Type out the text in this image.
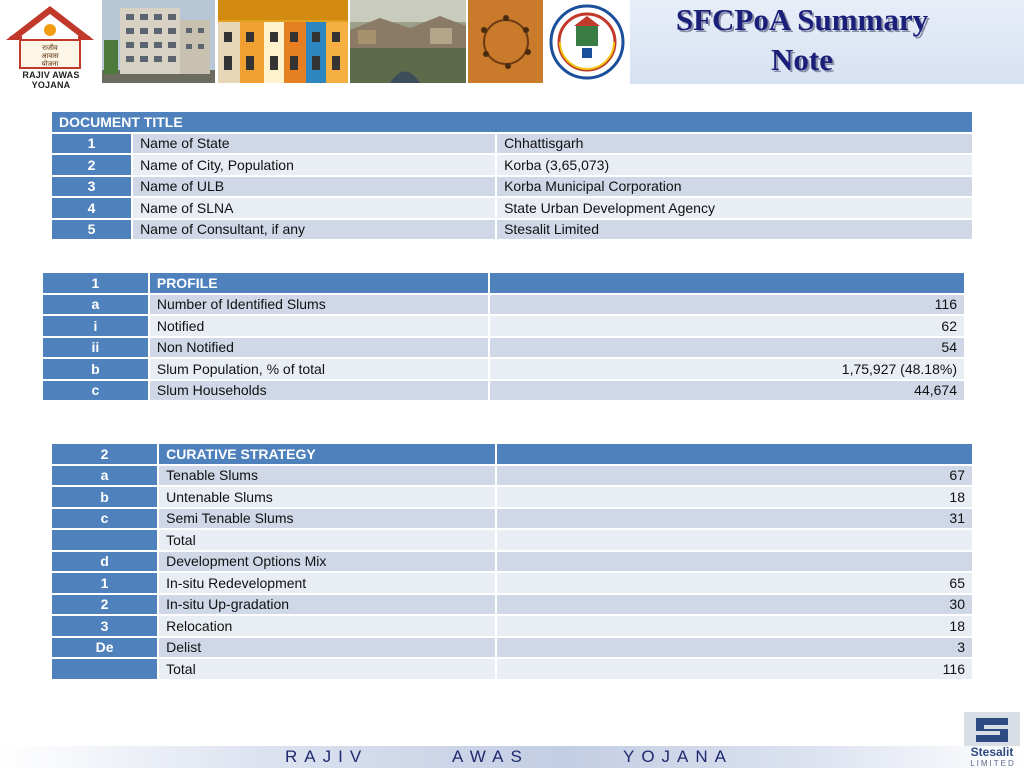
राजीव
आवास
योजना
RAJIV AWAS YOJANA
SFCPoA Summary
Note
DOCUMENT TITLE		
1	Name of State	Chhattisgarh
2	Name of City, Population	Korba (3,65,073)
3	Name of ULB	Korba Municipal Corporation
4	Name of SLNA	State Urban Development Agency
5	Name of Consultant, if any	Stesalit Limited
1	PROFILE	
a	Number of Identified Slums	116
i	Notified	62
ii	Non Notified	54
b	Slum Population, % of total	1,75,927 (48.18%)
c	Slum Households	44,674
2	CURATIVE STRATEGY	
a	Tenable Slums	67
b	Untenable Slums	18
c	Semi Tenable Slums	31
	Total	
d	Development Options Mix	
1	In-situ Redevelopment	65
2	In-situ Up-gradation	30
3	Relocation	18
De	Delist	3
	Total	116
RAJIV	AWAS	YOJANA	Stesalit
LIMITED
